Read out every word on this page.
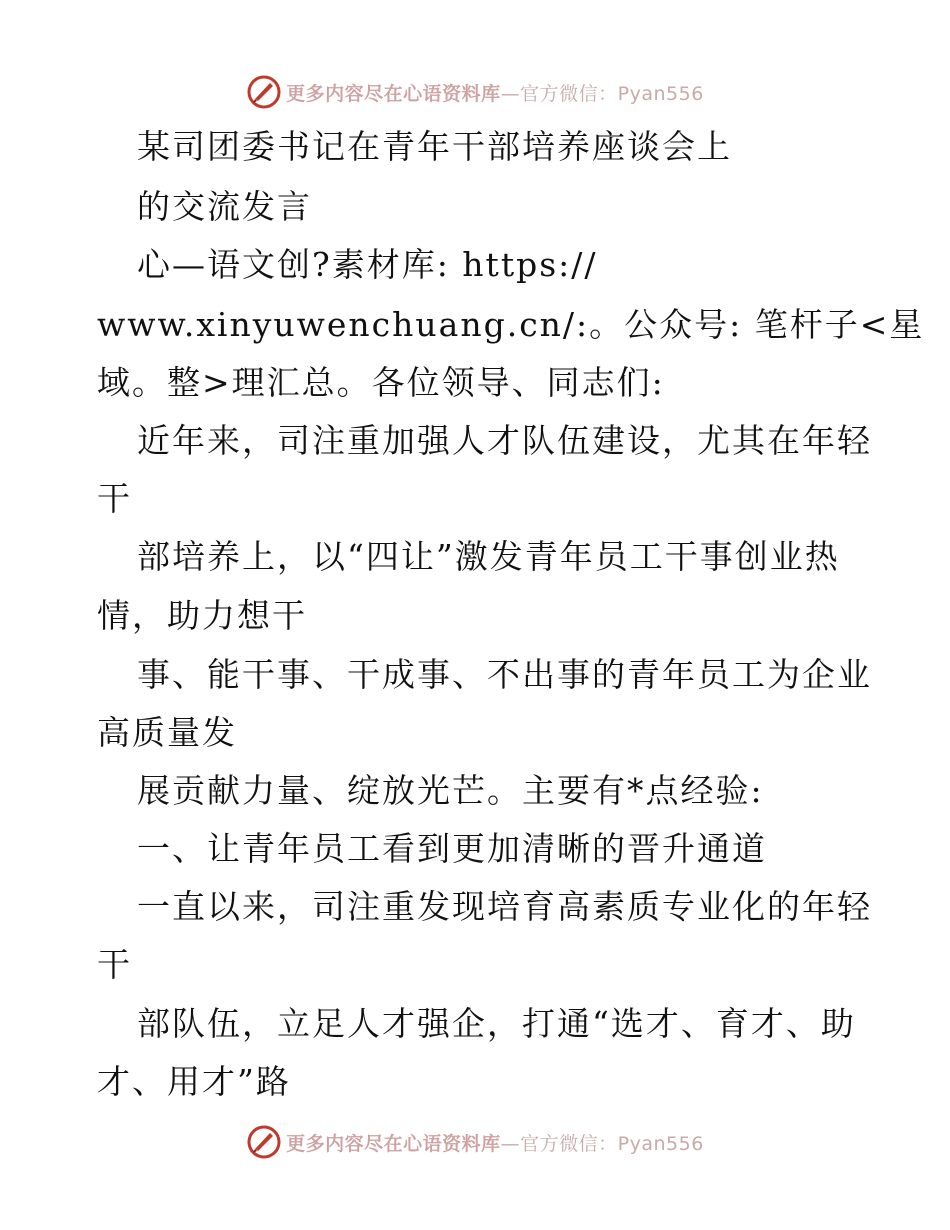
更多内容尽在心语资料库—官方微信：Pyan556
某司团委书记在青年干部培养座谈会上
的交流发言
心—语文创?素材库: https://
www.xinyuwenchuang.cn/:。公众号: 笔杆子<星
域。整>理汇总。各位领导、同志们:
近年来，司注重加强人才队伍建设，尤其在年轻
干
部培养上，以“四让”激发青年员工干事创业热
情，助力想干
事、能干事、干成事、不出事的青年员工为企业
高质量发
展贡献力量、绽放光芒。主要有*点经验:
一、让青年员工看到更加清晰的晋升通道
一直以来，司注重发现培育高素质专业化的年轻
干
部队伍，立足人才强企，打通“选才、育才、助
才、用才”路
更多内容尽在心语资料库—官方微信：Pyan556
